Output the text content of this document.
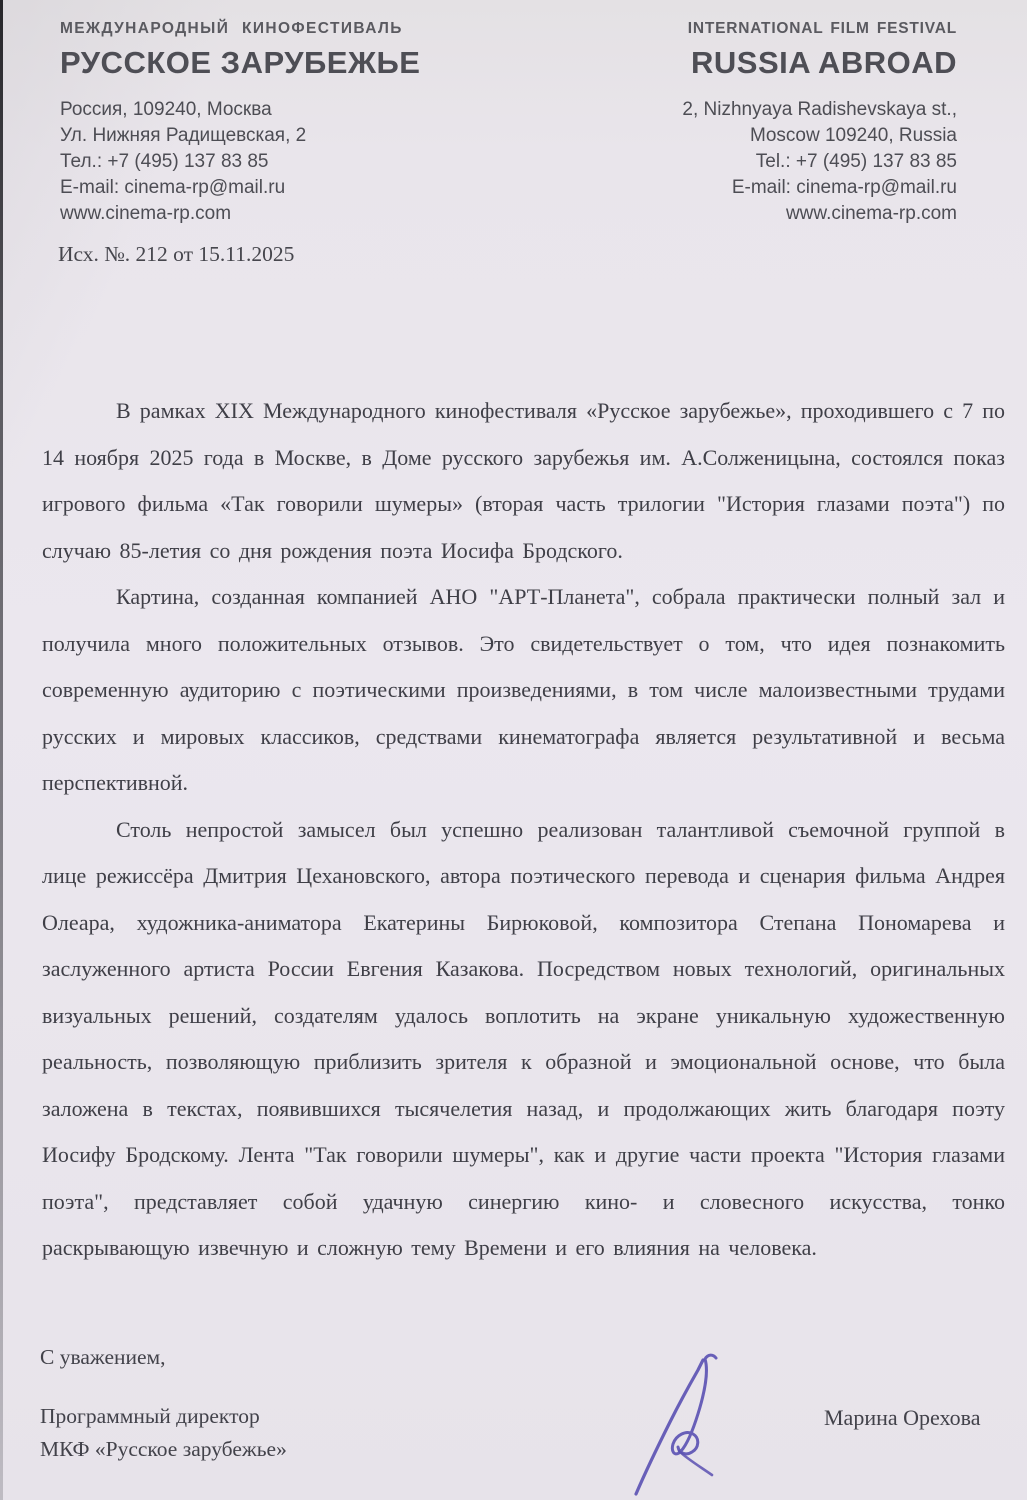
МЕЖДУНАРОДНЫЙ КИНОФЕСТИВАЛЬ
РУССКОЕ ЗАРУБЕЖЬЕ
Россия, 109240, Москва
Ул. Нижняя Радищевская, 2
Тел.: +7 (495) 137 83 85
E-mail: cinema-rp@mail.ru
www.cinema-rp.com
INTERNATIONAL FILM FESTIVAL
RUSSIA ABROAD
2, Nizhnyaya Radishevskaya st.,
Moscow 109240, Russia
Tel.: +7 (495) 137 83 85
E-mail: cinema-rp@mail.ru
www.cinema-rp.com
Исх. №. 212 от 15.11.2025

В рамках XIX Международного кинофестиваля «Русское зарубежье», проходившего с 7 по 14 ноября 2025 года в Москве, в Доме русского зарубежья им. А.Солженицына, состоялся показ игрового фильма «Так говорили шумеры» (вторая часть трилогии "История глазами поэта") по случаю 85-летия со дня рождения поэта Иосифа Бродского.

Картина, созданная компанией АНО "АРТ-Планета", собрала практически полный зал и получила много положительных отзывов. Это свидетельствует о том, что идея познакомить современную аудиторию с поэтическими произведениями, в том числе малоизвестными трудами русских и мировых классиков, средствами кинематографа является результативной и весьма перспективной.

Столь непростой замысел был успешно реализован талантливой съемочной группой в лице режиссёра Дмитрия Цехановского, автора поэтического перевода и сценария фильма Андрея Олеара, художника-аниматора Екатерины Бирюковой, композитора Степана Пономарева и заслуженного артиста России Евгения Казакова. Посредством новых технологий, оригинальных визуальных решений, создателям удалось воплотить на экране уникальную художественную реальность, позволяющую приблизить зрителя к образной и эмоциональной основе, что была заложена в текстах, появившихся тысячелетия назад, и продолжающих жить благодаря поэту Иосифу Бродскому. Лента "Так говорили шумеры", как и другие части проекта "История глазами поэта", представляет собой удачную синергию кино- и словесного искусства, тонко раскрывающую извечную и сложную тему Времени и его влияния на человека.

С уважением,
Программный директор
МКФ «Русское зарубежье»
Марина Орехова
